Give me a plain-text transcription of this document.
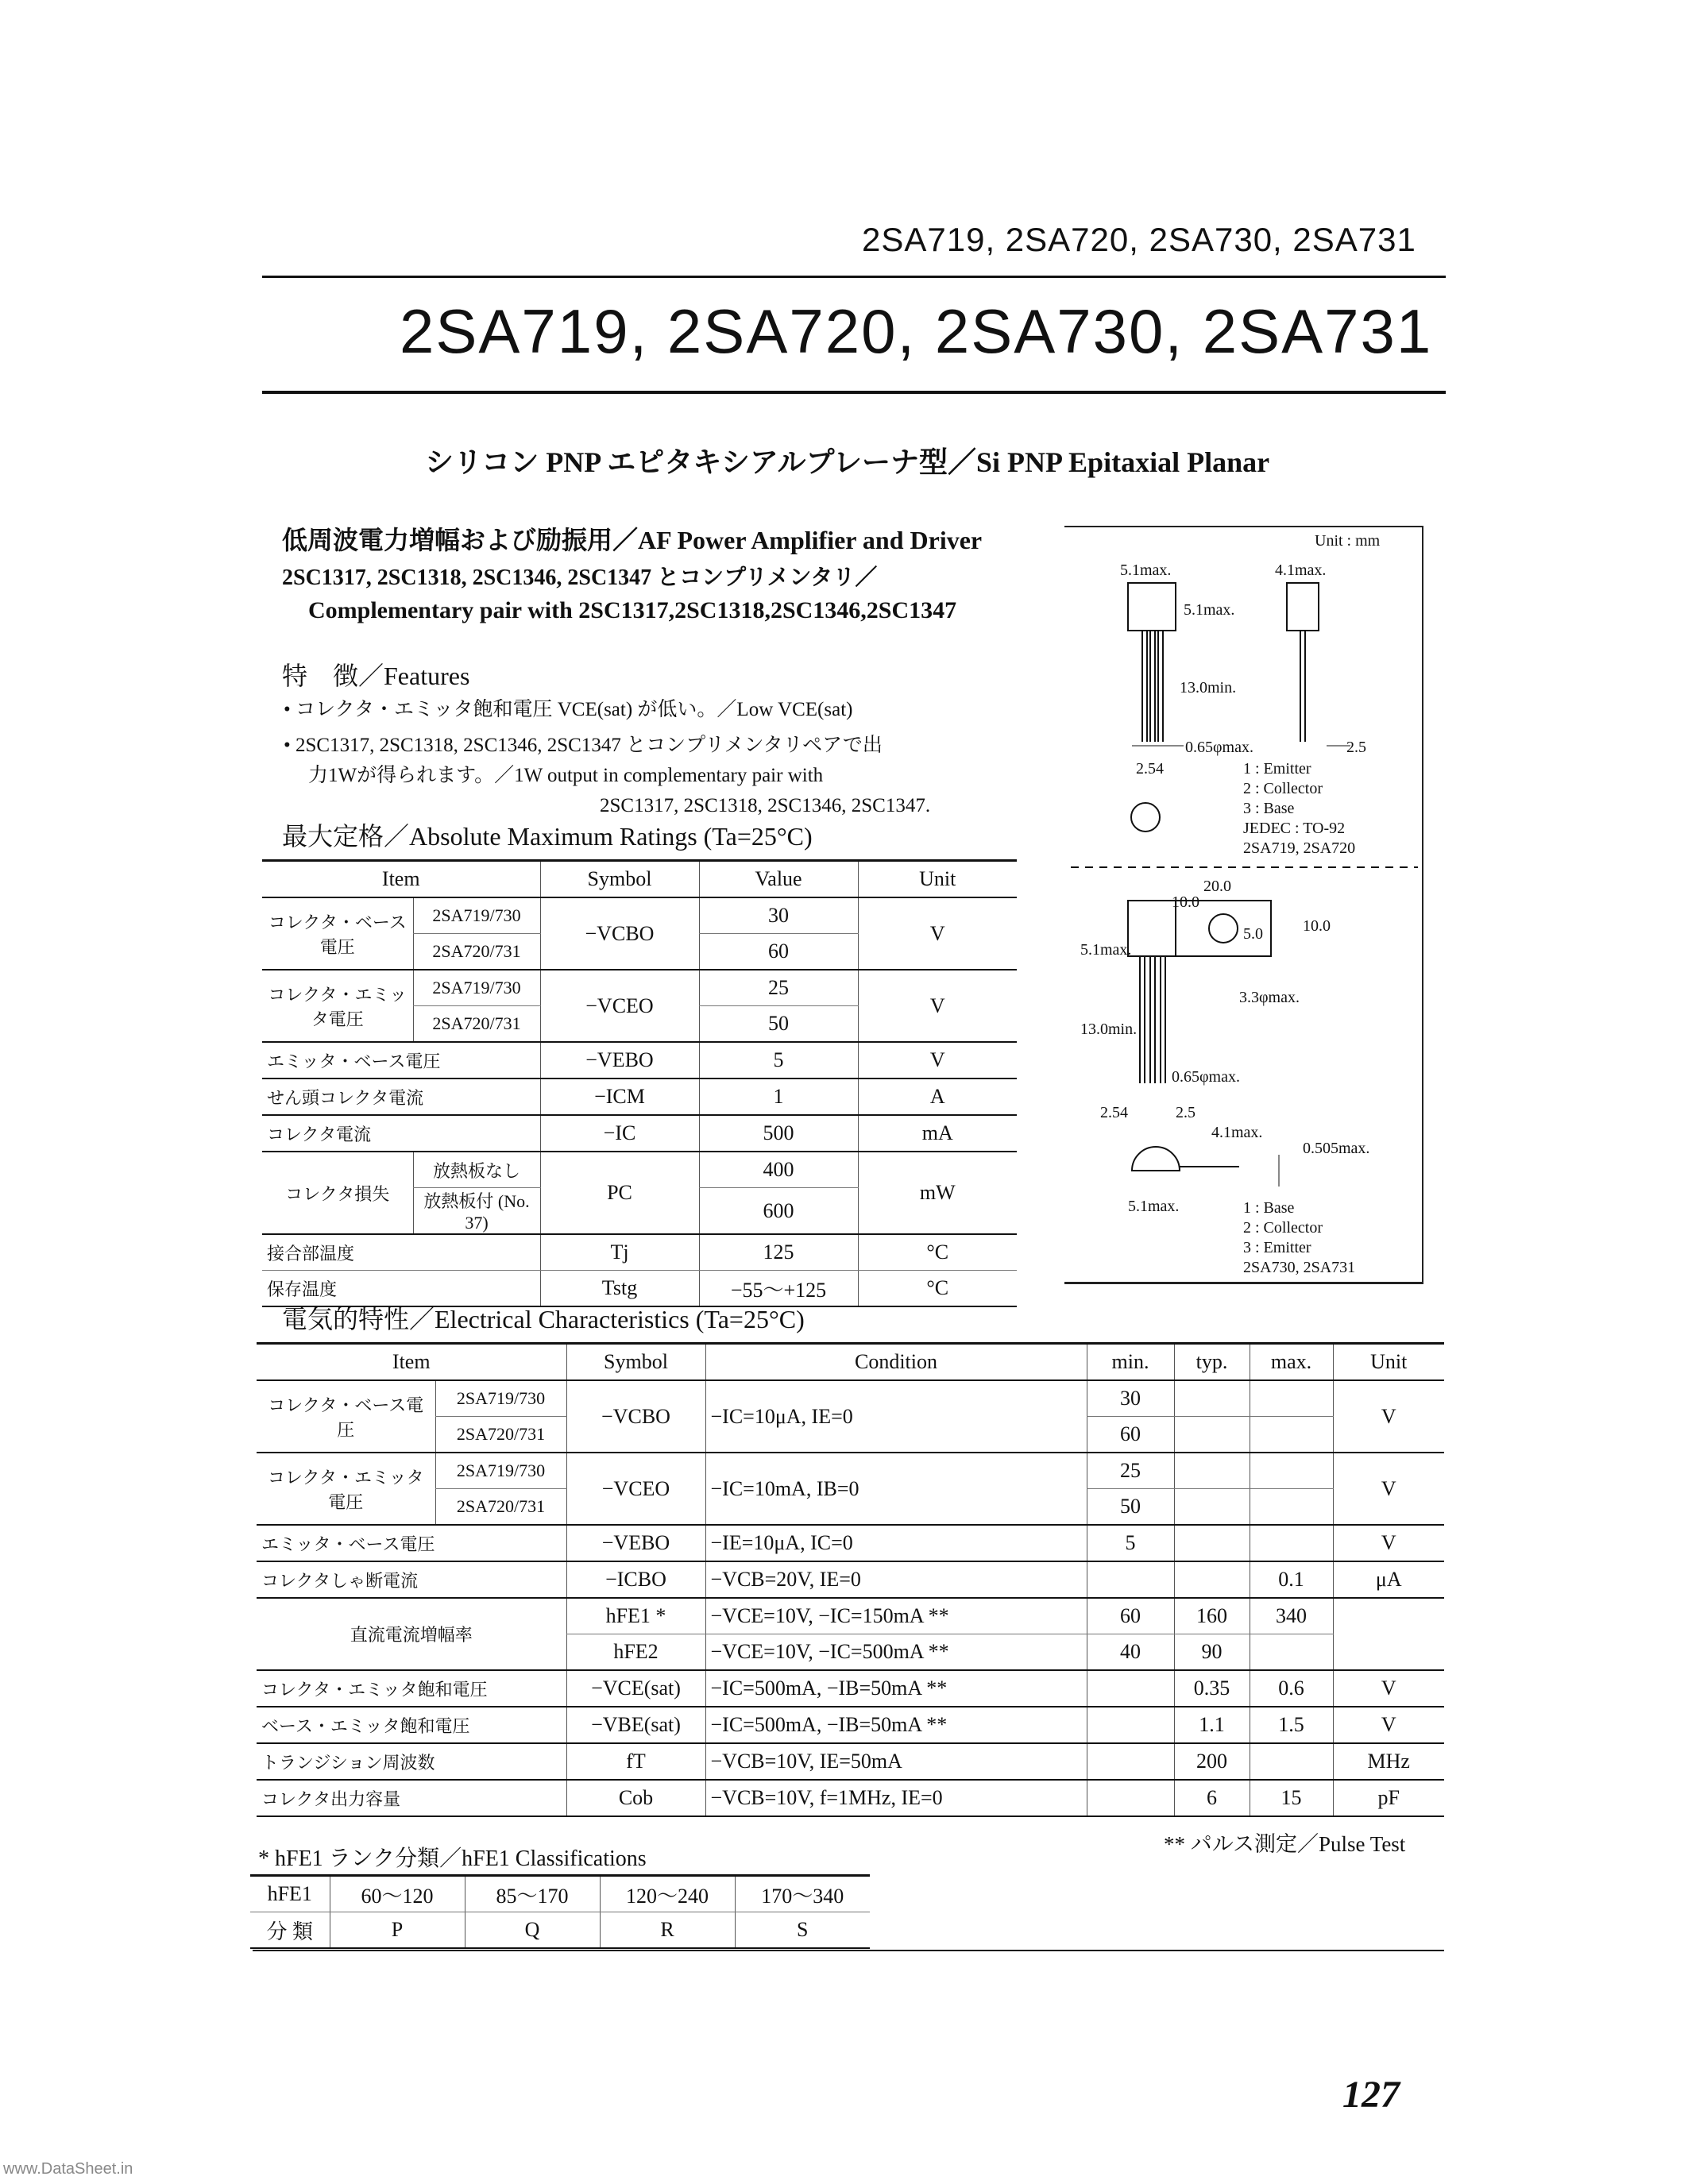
2SA719, 2SA720, 2SA730, 2SA731
2SA719, 2SA720, 2SA730, 2SA731
シリコン PNP エピタキシアルプレーナ型／Si PNP Epitaxial Planar
低周波電力増幅および励振用／AF Power Amplifier and Driver
2SC1317, 2SC1318, 2SC1346, 2SC1347 とコンプリメンタリ／
Complementary pair with 2SC1317,2SC1318,2SC1346,2SC1347
特　徴／Features
• コレクタ・エミッタ飽和電圧 VCE(sat) が低い。／Low VCE(sat)
• 2SC1317, 2SC1318, 2SC1346, 2SC1347 とコンプリメンタリペアで出
力1Wが得られます。／1W output in complementary pair with
2SC1317, 2SC1318, 2SC1346, 2SC1347.
最大定格／Absolute Maximum Ratings (Ta=25°C)
Item		Symbol	Value	Unit
コレクタ・ベース電圧	2SA719/730	−VCBO	30	V
	2SA720/731		60	
コレクタ・エミッタ電圧	2SA719/730	−VCEO	25	V
	2SA720/731		50	
エミッタ・ベース電圧		−VEBO	5	V
せん頭コレクタ電流		−ICM	1	A
コレクタ電流		−IC	500	mA
コレクタ損失	放熱板なし	PC	400	mW
	放熱板付 (No. 37)		600	
接合部温度		Tj	125	°C
保存温度		Tstg	−55〜+125	°C
Unit : mm
5.1max.	4.1max.
5.1max.
13.0min.
0.65φmax.
2.54
2.5
1 : Emitter
2 : Collector
3 : Base
JEDEC : TO-92
2SA719, 2SA720
20.0
10.0
10.0
5.0
5.1max.
13.0min.
3.3φmax.
0.65φmax.
2.54	2.5
4.1max.
0.505max.
5.1max.	1 : Base
2 : Collector
3 : Emitter
2SA730, 2SA731
電気的特性／Electrical Characteristics (Ta=25°C)
Item		Symbol	Condition	min.	typ.	max.	Unit
コレクタ・ベース電圧	2SA719/730	−VCBO	−IC=10μA, IE=0	30			V
	2SA720/731			60			
コレクタ・エミッタ電圧	2SA719/730	−VCEO	−IC=10mA, IB=0	25			V
	2SA720/731			50			
エミッタ・ベース電圧		−VEBO	−IE=10μA, IC=0	5			V
コレクタしゃ断電流		−ICBO	−VCB=20V, IE=0			0.1	μA
直流電流増幅率		hFE1 *	−VCE=10V, −IC=150mA **	60	160	340	
		hFE2	−VCE=10V, −IC=500mA **	40	90		
コレクタ・エミッタ飽和電圧		−VCE(sat)	−IC=500mA, −IB=50mA **		0.35	0.6	V
ベース・エミッタ飽和電圧		−VBE(sat)	−IC=500mA, −IB=50mA **		1.1	1.5	V
トランジション周波数		fT	−VCB=10V, IE=50mA		200		MHz
コレクタ出力容量		Cob	−VCB=10V, f=1MHz, IE=0		6	15	pF
* hFE1 ランク分類／hFE1 Classifications
** パルス測定／Pulse Test
hFE1	60〜120	85〜170	120〜240	170〜340
分 類	P	Q	R	S
127
www.DataSheet.in
